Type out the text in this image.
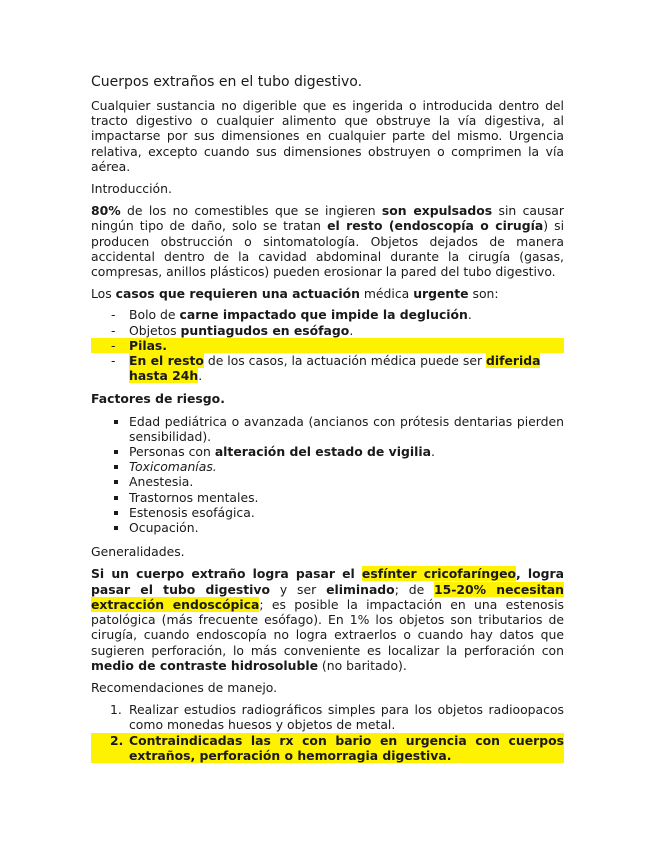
Cuerpos extraños en el tubo digestivo.

Cualquier sustancia no digerible que es ingerida o introducida dentro del tracto digestivo o cualquier alimento que obstruye la vía digestiva, al impactarse por sus dimensiones en cualquier parte del mismo. Urgencia relativa, excepto cuando sus dimensiones obstruyen o comprimen la vía aérea.

Introducción.

80% de los no comestibles que se ingieren son expulsados sin causar ningún tipo de daño, solo se tratan el resto (endoscopía o cirugía) si producen obstrucción o sintomatología. Objetos dejados de manera accidental dentro de la cavidad abdominal durante la cirugía (gasas, compresas, anillos plásticos) pueden erosionar la pared del tubo digestivo.

Los casos que requieren una actuación médica urgente son:

- Bolo de carne impactado que impide la deglución.
- Objetos puntiagudos en esófago.
- Pilas.
- En el resto de los casos, la actuación médica puede ser diferida hasta 24h.

Factores de riesgo.

Edad pediátrica o avanzada (ancianos con prótesis dentarias pierden sensibilidad).
Personas con alteración del estado de vigilia.
Toxicomanías.
Anestesia.
Trastornos mentales.
Estenosis esofágica.
Ocupación.

Generalidades.

Si un cuerpo extraño logra pasar el esfínter cricofaríngeo, logra pasar el tubo digestivo y ser eliminado; de 15-20% necesitan extracción endoscópica; es posible la impactación en una estenosis patológica (más frecuente esófago). En 1% los objetos son tributarios de cirugía, cuando endoscopía no logra extraerlos o cuando hay datos que sugieren perforación, lo más conveniente es localizar la perforación con medio de contraste hidrosoluble (no baritado).

Recomendaciones de manejo.

1. Realizar estudios radiográficos simples para los objetos radioopacos como monedas huesos y objetos de metal.
2. Contraindicadas las rx con bario en urgencia con cuerpos extraños, perforación o hemorragia digestiva.
